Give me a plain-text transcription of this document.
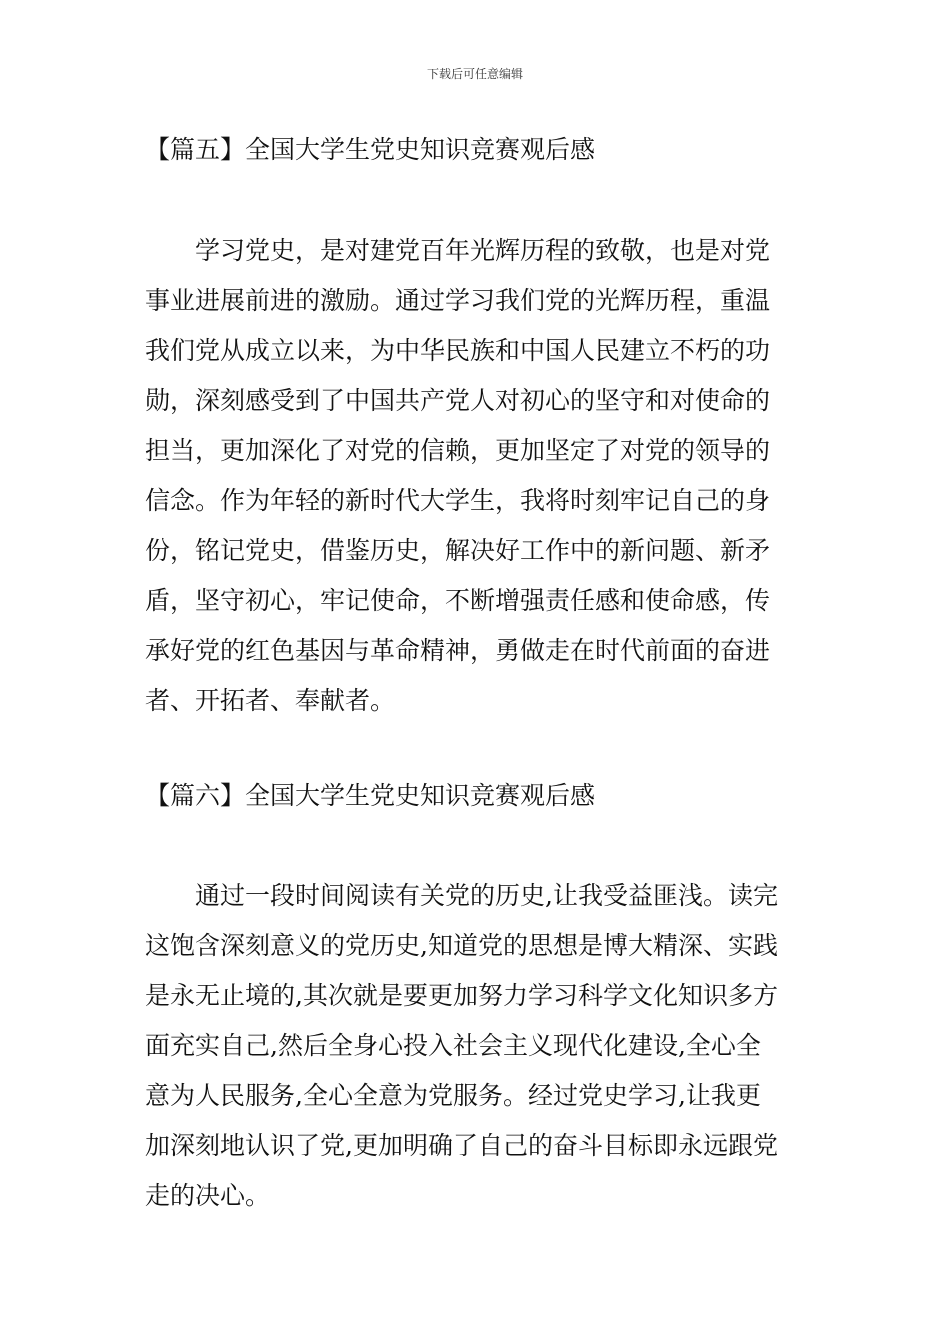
下载后可任意编辑
【篇五】全国大学生党史知识竞赛观后感

　　学习党史，是对建党百年光辉历程的致敬，也是对党
事业进展前进的激励。通过学习我们党的光辉历程，重温
我们党从成立以来，为中华民族和中国人民建立不朽的功
勋，深刻感受到了中国共产党人对初心的坚守和对使命的
担当，更加深化了对党的信赖，更加坚定了对党的领导的
信念。作为年轻的新时代大学生，我将时刻牢记自己的身
份，铭记党史，借鉴历史，解决好工作中的新问题、新矛
盾，坚守初心，牢记使命，不断增强责任感和使命感，传
承好党的红色基因与革命精神，勇做走在时代前面的奋进
者、开拓者、奉献者。

【篇六】全国大学生党史知识竞赛观后感

　　通过一段时间阅读有关党的历史,让我受益匪浅。读完
这饱含深刻意义的党历史,知道党的思想是博大精深、实践
是永无止境的,其次就是要更加努力学习科学文化知识多方
面充实自己,然后全身心投入社会主义现代化建设,全心全
意为人民服务,全心全意为党服务。经过党史学习,让我更
加深刻地认识了党,更加明确了自己的奋斗目标即永远跟党
走的决心。
